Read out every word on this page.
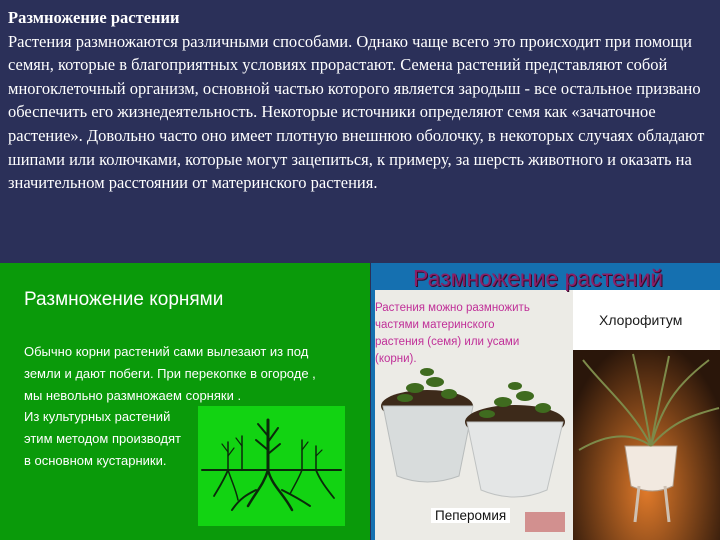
Размножение растении
Растения размножаются различными способами. Однако чаще всего это происходит при помощи семян, которые в благоприятных условиях прорастают. Семена растений представляют собой многоклеточный организм, основной частью которого является зародыш - все остальное призвано обеспечить его жизнедеятельность. Некоторые источники определяют семя как «зачаточное растение». Довольно часто оно имеет плотную внешнюю оболочку, в некоторых случаях обладают шипами или колючками, которые могут зацепиться, к примеру, за шерсть животного и оказать на значительном расстоянии от материнского растения.
Размножение корнями
Обычно корни растений сами вылезают из под
земли и дают побеги. При перекопке в огороде ,
мы невольно размножаем сорняки .
Из культурных растений
этим методом производят
в основном кустарники.
Пеперомия
Хлорофитум
Размножение растений
Растения можно размножить
частями материнского
растения (семя) или усами
(корни).
